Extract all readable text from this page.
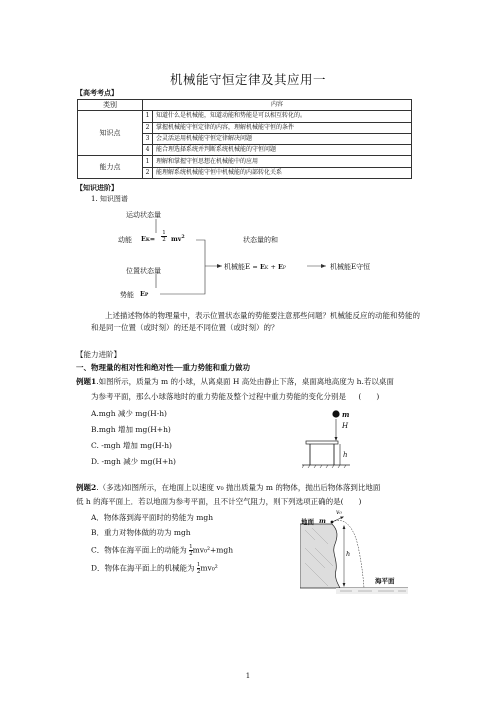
机械能守恒定律及其应用一
【高考考点】
类别	内容	
知识点	1	知道什么是机械能，知道动能和势能是可以相互转化的。
	2	掌握机械能守恒定律的内容，理解机械能守恒的条件
	3	会灵活运用机械能守恒定律解决问题
	4	能合理选择系统并判断系统机械能的守恒问题
能力点	1	理解和掌握守恒思想在机械能中的应用
	2	能理解系统机械能守恒中机械能的内部转化关系
【知识进阶】
1. 知识图谱
运动状态量
动能 $EK= \frac{1}{2} mv^2$	状态量的和
位置状态量
势能 EP
机械能E = EK + EP	机械能E守恒
上述描述物体的物理量中，表示位置状态量的势能要注意那些问题？机械能反应的动能和势能的和是同一位置（或时刻）的还是不同位置（或时刻）的？
【能力进阶】
一、物理量的相对性和绝对性──重力势能和重力做功
例题1.如图所示，质量为 m 的小球，从离桌面 H 高处由静止下落，桌面离地高度为 h.若以桌面
为参考平面，那么小球落地时的重力势能及整个过程中重力势能的变化分别是 (　　)
A.mgh 减少 mg(H-h)
B.mgh 增加 mg(H+h)
C. -mgh 增加 mg(H-h)
D. -mgh 减少 mg(H+h)
m
H
h
例题2.（多选)如图所示，在地面上以速度 v₀ 抛出质量为 m 的物体，抛出后物体落到比地面
低 h 的海平面上．若以地面为参考平面，且不计空气阻力，则下列选项正确的是(　　)
A．物体落到海平面时的势能为 mgh
B．重力对物体做的功为 mgh
C．物体在海平面上的动能为 $\frac{1}{2} mv_0^2+mgh$
D．物体在海平面上的机械能为 $\frac{1}{2} mv_0^2$
地面 m
v₀
h
海平面
1
